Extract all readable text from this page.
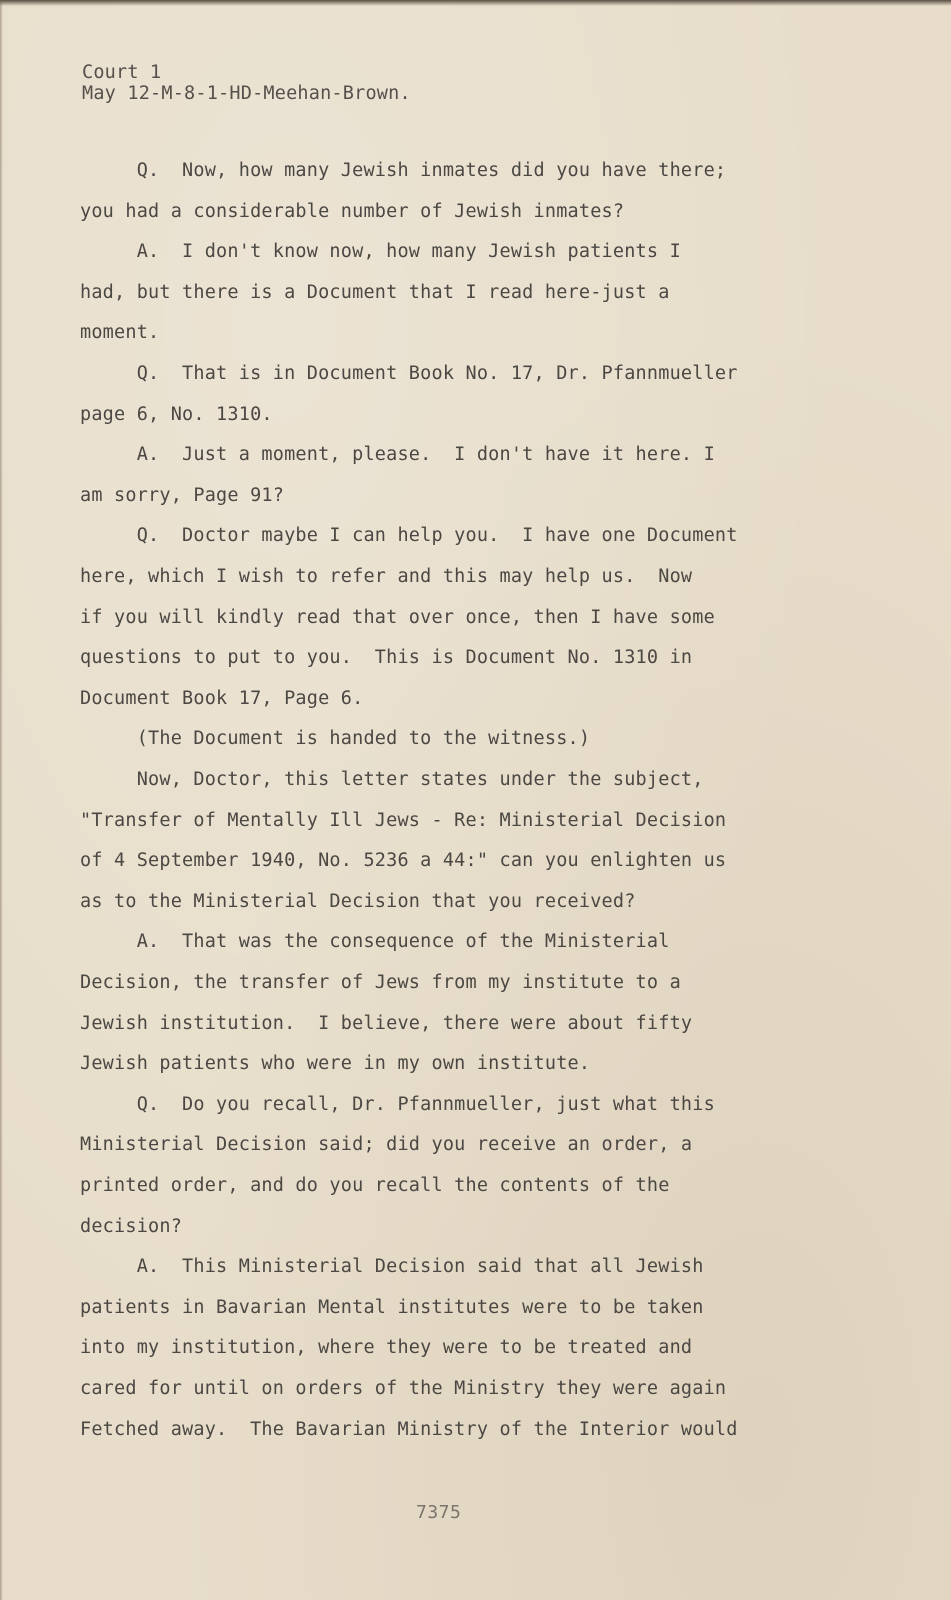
Court 1
May 12-M-8-1-HD-Meehan-Brown.
Q.  Now, how many Jewish inmates did you have there;
you had a considerable number of Jewish inmates?
A.  I don't know now, how many Jewish patients I
had, but there is a Document that I read here-just a
moment.
Q.  That is in Document Book No. 17, Dr. Pfannmueller
page 6, No. 1310.
A.  Just a moment, please.  I don't have it here. I
am sorry, Page 91?
Q.  Doctor maybe I can help you.  I have one Document
here, which I wish to refer and this may help us.  Now
if you will kindly read that over once, then I have some
questions to put to you.  This is Document No. 1310 in
Document Book 17, Page 6.
(The Document is handed to the witness.)
Now, Doctor, this letter states under the subject,
"Transfer of Mentally Ill Jews - Re: Ministerial Decision
of 4 September 1940, No. 5236 a 44:" can you enlighten us
as to the Ministerial Decision that you received?
A.  That was the consequence of the Ministerial
Decision, the transfer of Jews from my institute to a
Jewish institution.  I believe, there were about fifty
Jewish patients who were in my own institute.
Q.  Do you recall, Dr. Pfannmueller, just what this
Ministerial Decision said; did you receive an order, a
printed order, and do you recall the contents of the
decision?
A.  This Ministerial Decision said that all Jewish
patients in Bavarian Mental institutes were to be taken
into my institution, where they were to be treated and
cared for until on orders of the Ministry they were again
Fetched away.  The Bavarian Ministry of the Interior would
7375
